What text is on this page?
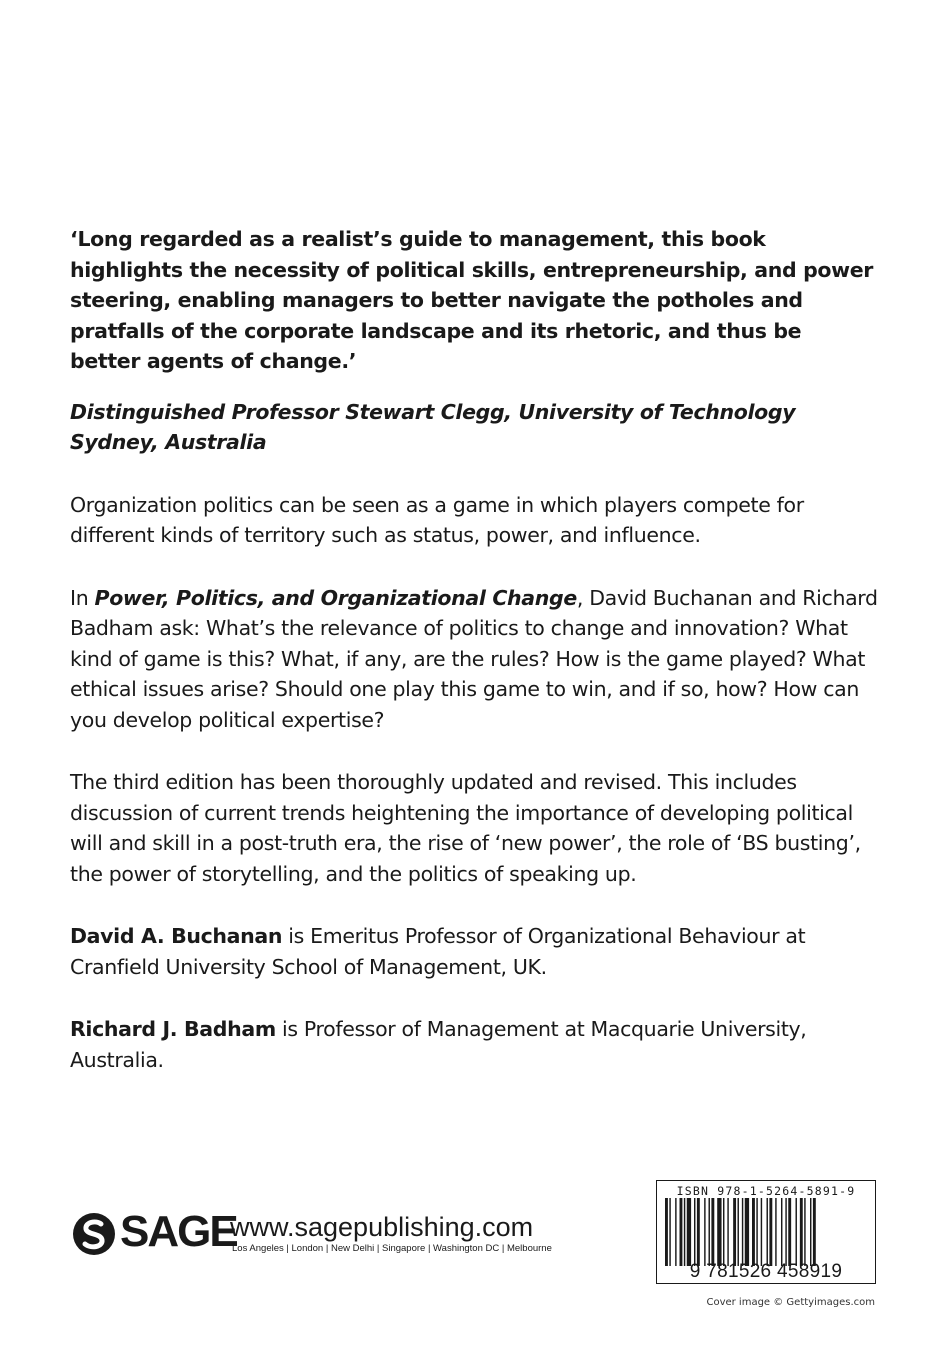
‘Long regarded as a realist’s guide to management, this book highlights the necessity of political skills, entrepreneurship, and power steering, enabling managers to better navigate the potholes and pratfalls of the corporate landscape and its rhetoric, and thus be better agents of change.’

Distinguished Professor Stewart Clegg, University of Technology Sydney, Australia

Organization politics can be seen as a game in which players compete for different kinds of territory such as status, power, and influence.

In Power, Politics, and Organizational Change, David Buchanan and Richard Badham ask: What’s the relevance of politics to change and innovation? What kind of game is this? What, if any, are the rules? How is the game played? What ethical issues arise? Should one play this game to win, and if so, how? How can you develop political expertise?

The third edition has been thoroughly updated and revised. This includes discussion of current trends heightening the importance of developing political will and skill in a post-truth era, the rise of ‘new power’, the role of ‘BS busting’, the power of storytelling, and the politics of speaking up.

David A. Buchanan is Emeritus Professor of Organizational Behaviour at Cranfield University School of Management, UK.

Richard J. Badham is Professor of Management at Macquarie University, Australia.

SAGE
www.sagepublishing.com
Los Angeles | London | New Delhi | Singapore | Washington DC | Melbourne
ISBN 978-1-5264-5891-9
9 781526 458919
Cover image © Gettyimages.com
